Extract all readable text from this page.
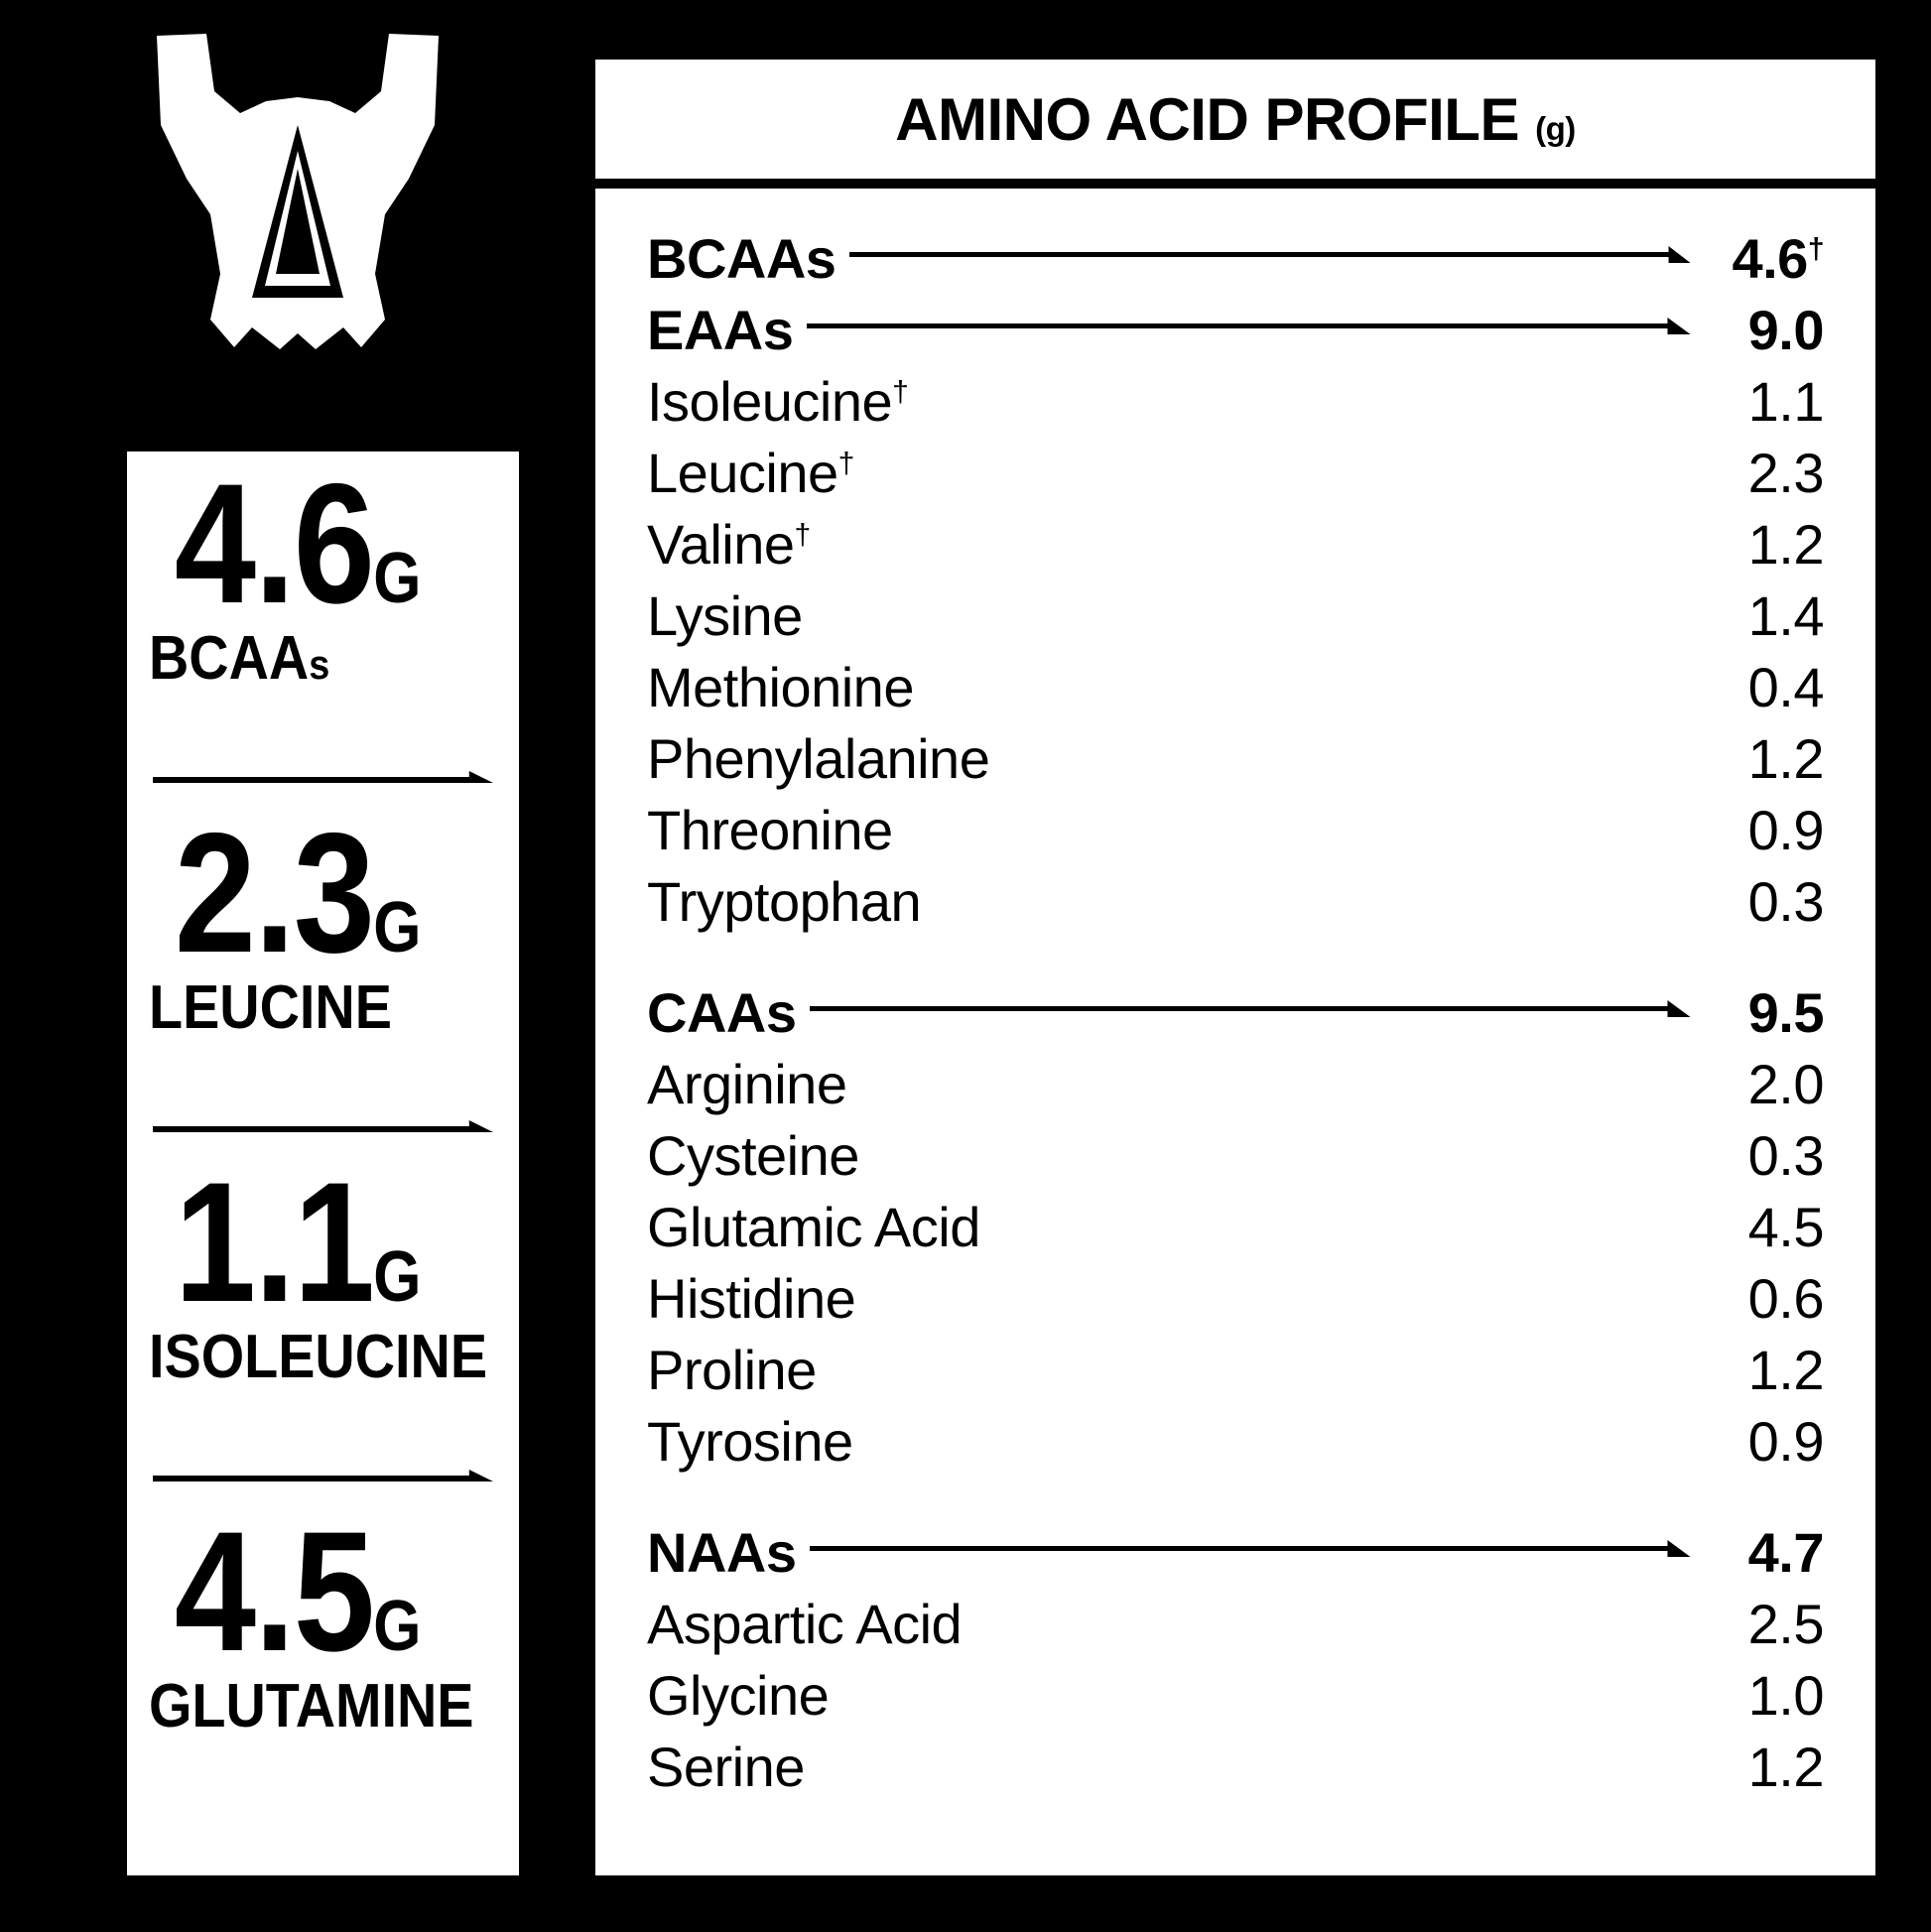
4.6G
BCAAs
2.3G
LEUCINE
1.1G
ISOLEUCINE
4.5G
GLUTAMINE
AMINO ACID PROFILE (g)
BCAAs	4.6†
EAAs	9.0
Isoleucine†	1.1
Leucine†	2.3
Valine†	1.2
Lysine	1.4
Methionine	0.4
Phenylalanine	1.2
Threonine	0.9
Tryptophan	0.3
CAAs	9.5
Arginine	2.0
Cysteine	0.3
Glutamic Acid	4.5
Histidine	0.6
Proline	1.2
Tyrosine	0.9
NAAs	4.7
Aspartic Acid	2.5
Glycine	1.0
Serine	1.2
